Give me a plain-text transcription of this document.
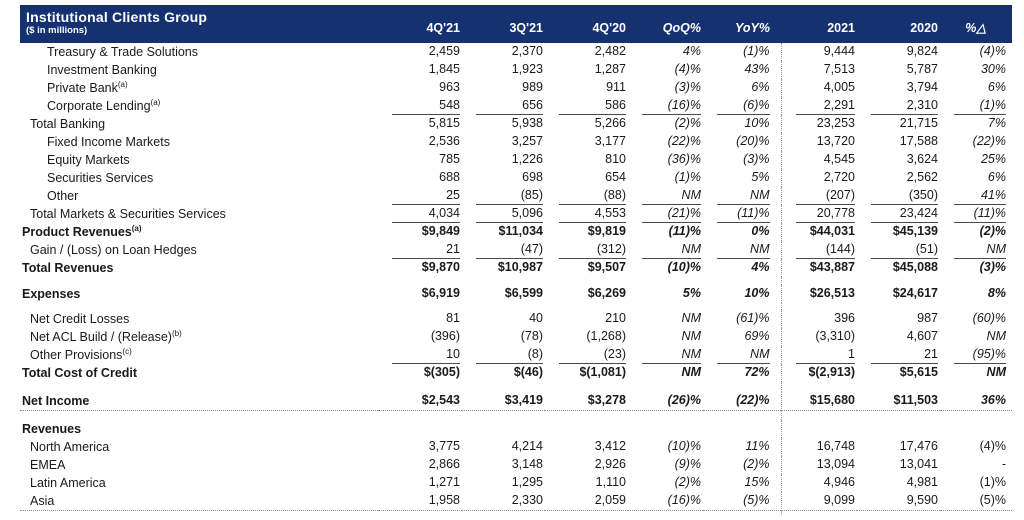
Institutional Clients Group
($ in millions)	4Q'21	3Q'21	4Q'20	QoQ%	YoY%	2021	2020	%△
Treasury & Trade Solutions	2,459	2,370	2,482	4%	(1)%	9,444	9,824	(4)%

Investment Banking	1,845	1,923	1,287	(4)%	43%	7,513	5,787	30%

Private Bank$^{(a)}$	963	989	911	(3)%	6%	4,005	3,794	6%

Corporate Lending$^{(a)}$	548	656	586	(16)%	(6)%	2,291	2,310	(1)%

Total Banking	5,815	5,938	5,266	(2)%	10%	23,253	21,715	7%

Fixed Income Markets	2,536	3,257	3,177	(22)%	(20)%	13,720	17,588	(22)%

Equity Markets	785	1,226	810	(36)%	(3)%	4,545	3,624	25%

Securities Services	688	698	654	(1)%	5%	2,720	2,562	6%

Other	25	(85)	(88)	NM	NM	(207)	(350)	41%

Total Markets & Securities Services	4,034	5,096	4,553	(21)%	(11)%	20,778	23,424	(11)%

Product Revenues$^{(a)}$	$9,849	$11,034	$9,819	(11)%	0%	$44,031	$45,139	(2)%

Gain / (Loss) on Loan Hedges	21	(47)	(312)	NM	NM	(144)	(51)	NM

Total Revenues	$9,870	$10,987	$9,507	(10)%	4%	$43,887	$45,088	(3)%

Expenses	$6,919	$6,599	$6,269	5%	10%	$26,513	$24,617	8%

Net Credit Losses	81	40	210	NM	(61)%	396	987	(60)%

Net ACL Build / (Release)$^{(b)}$	(396)	(78)	(1,268)	NM	69%	(3,310)	4,607	NM

Other Provisions$^{(c)}$	10	(8)	(23)	NM	NM	1	21	(95)%

Total Cost of Credit	$(305)	$(46)	$(1,081)	NM	72%	$(2,913)	$5,615	NM

Net Income	$2,543	$3,419	$3,278	(26)%	(22)%	$15,680	$11,503	36%

Revenues	

North America	3,775	4,214	3,412	(10)%	11%	16,748	17,476	(4)%

EMEA	2,866	3,148	2,926	(9)%	(2)%	13,094	13,041	-

Latin America	1,271	1,295	1,110	(2)%	15%	4,946	4,981	(1)%

Asia	1,958	2,330	2,059	(16)%	(5)%	9,099	9,590	(5)%
